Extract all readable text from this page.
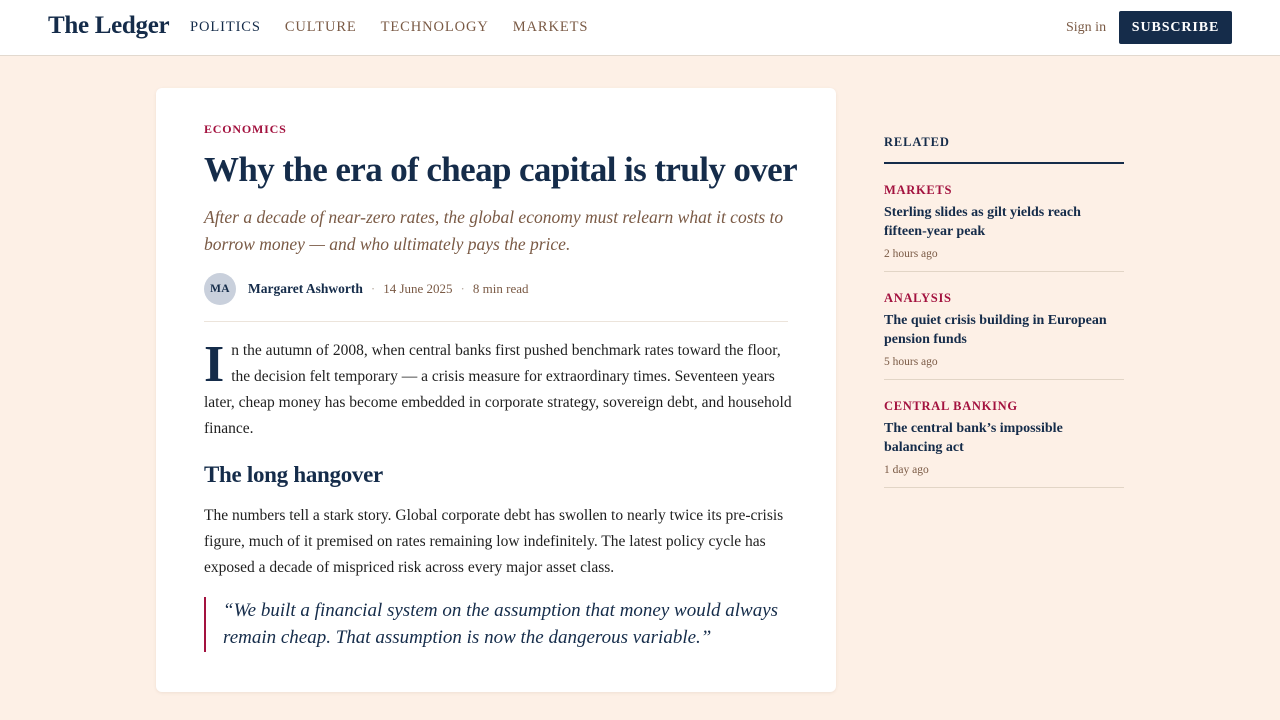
The Ledger POLITICS CULTURE TECHNOLOGY MARKETS	Sign in	SUBSCRIBE
ECONOMICS
Why the era of cheap capital is truly over

After a decade of near-zero rates, the global economy must relearn what it costs to borrow money — and who ultimately pays the price.

MA	Margaret Ashworth · 14 June 2025 · 8 min read

In the autumn of 2008, when central banks first pushed benchmark rates toward the floor, the decision felt temporary — a crisis measure for extraordinary times. Seventeen years later, cheap money has become embedded in corporate strategy, sovereign debt, and household finance.

The long hangover

The numbers tell a stark story. Global corporate debt has swollen to nearly twice its pre-crisis figure, much of it premised on rates remaining low indefinitely. The latest policy cycle has exposed a decade of mispriced risk across every major asset class.

“We built a financial system on the assumption that money would always remain cheap. That assumption is now the dangerous variable.”
RELATED
MARKETS
Sterling slides as gilt yields reach fifteen-year peak
2 hours ago
ANALYSIS
The quiet crisis building in European pension funds
5 hours ago
CENTRAL BANKING
The central bank’s impossible balancing act
1 day ago
